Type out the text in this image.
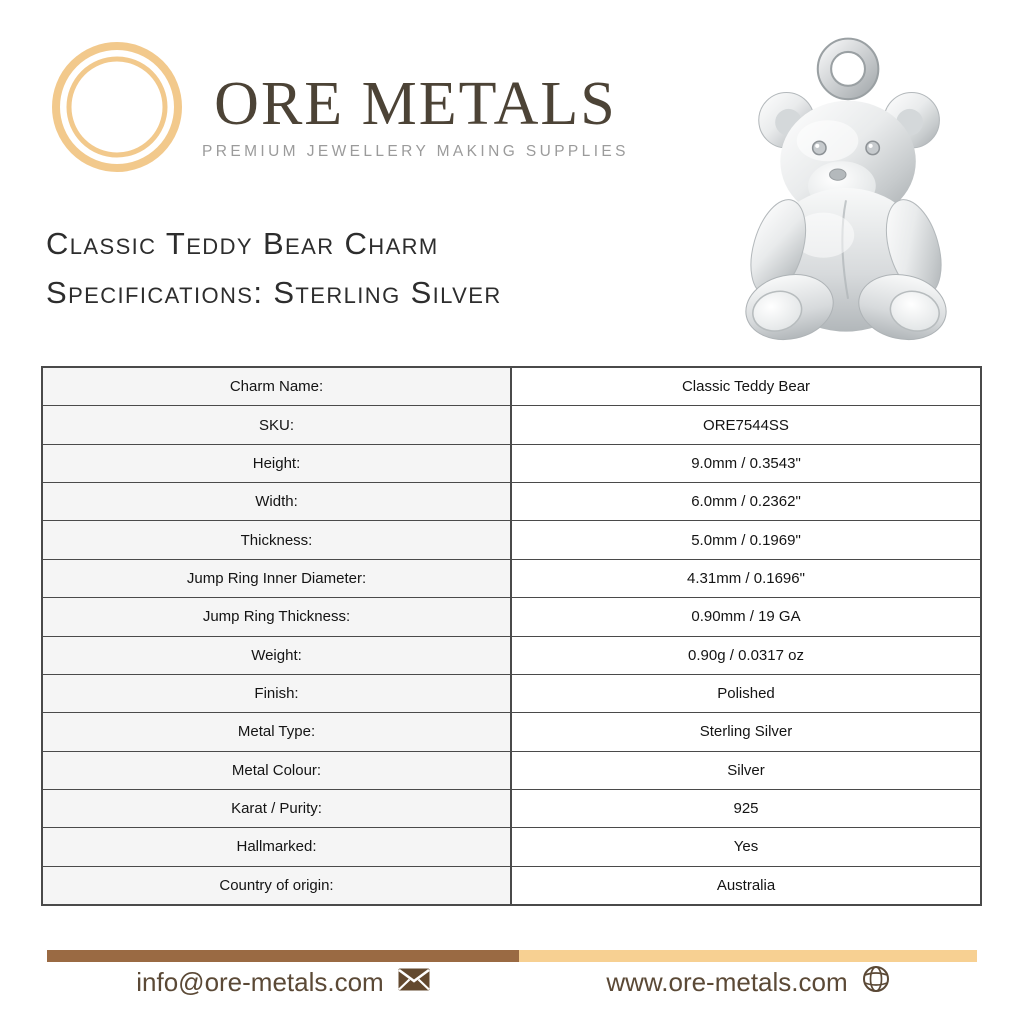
ORE METALS
PREMIUM JEWELLERY MAKING SUPPLIES
Classic Teddy Bear Charm
Specifications: Sterling Silver
Charm Name:	Classic Teddy Bear
SKU:	ORE7544SS
Height:	9.0mm / 0.3543"
Width:	6.0mm / 0.2362"
Thickness:	5.0mm / 0.1969"
Jump Ring Inner Diameter:	4.31mm / 0.1696"
Jump Ring Thickness:	0.90mm / 19 GA
Weight:	0.90g / 0.0317 oz
Finish:	Polished
Metal Type:	Sterling Silver
Metal Colour:	Silver
Karat / Purity:	925
Hallmarked:	Yes
Country of origin:	Australia
info@ore-metals.com	www.ore-metals.com
